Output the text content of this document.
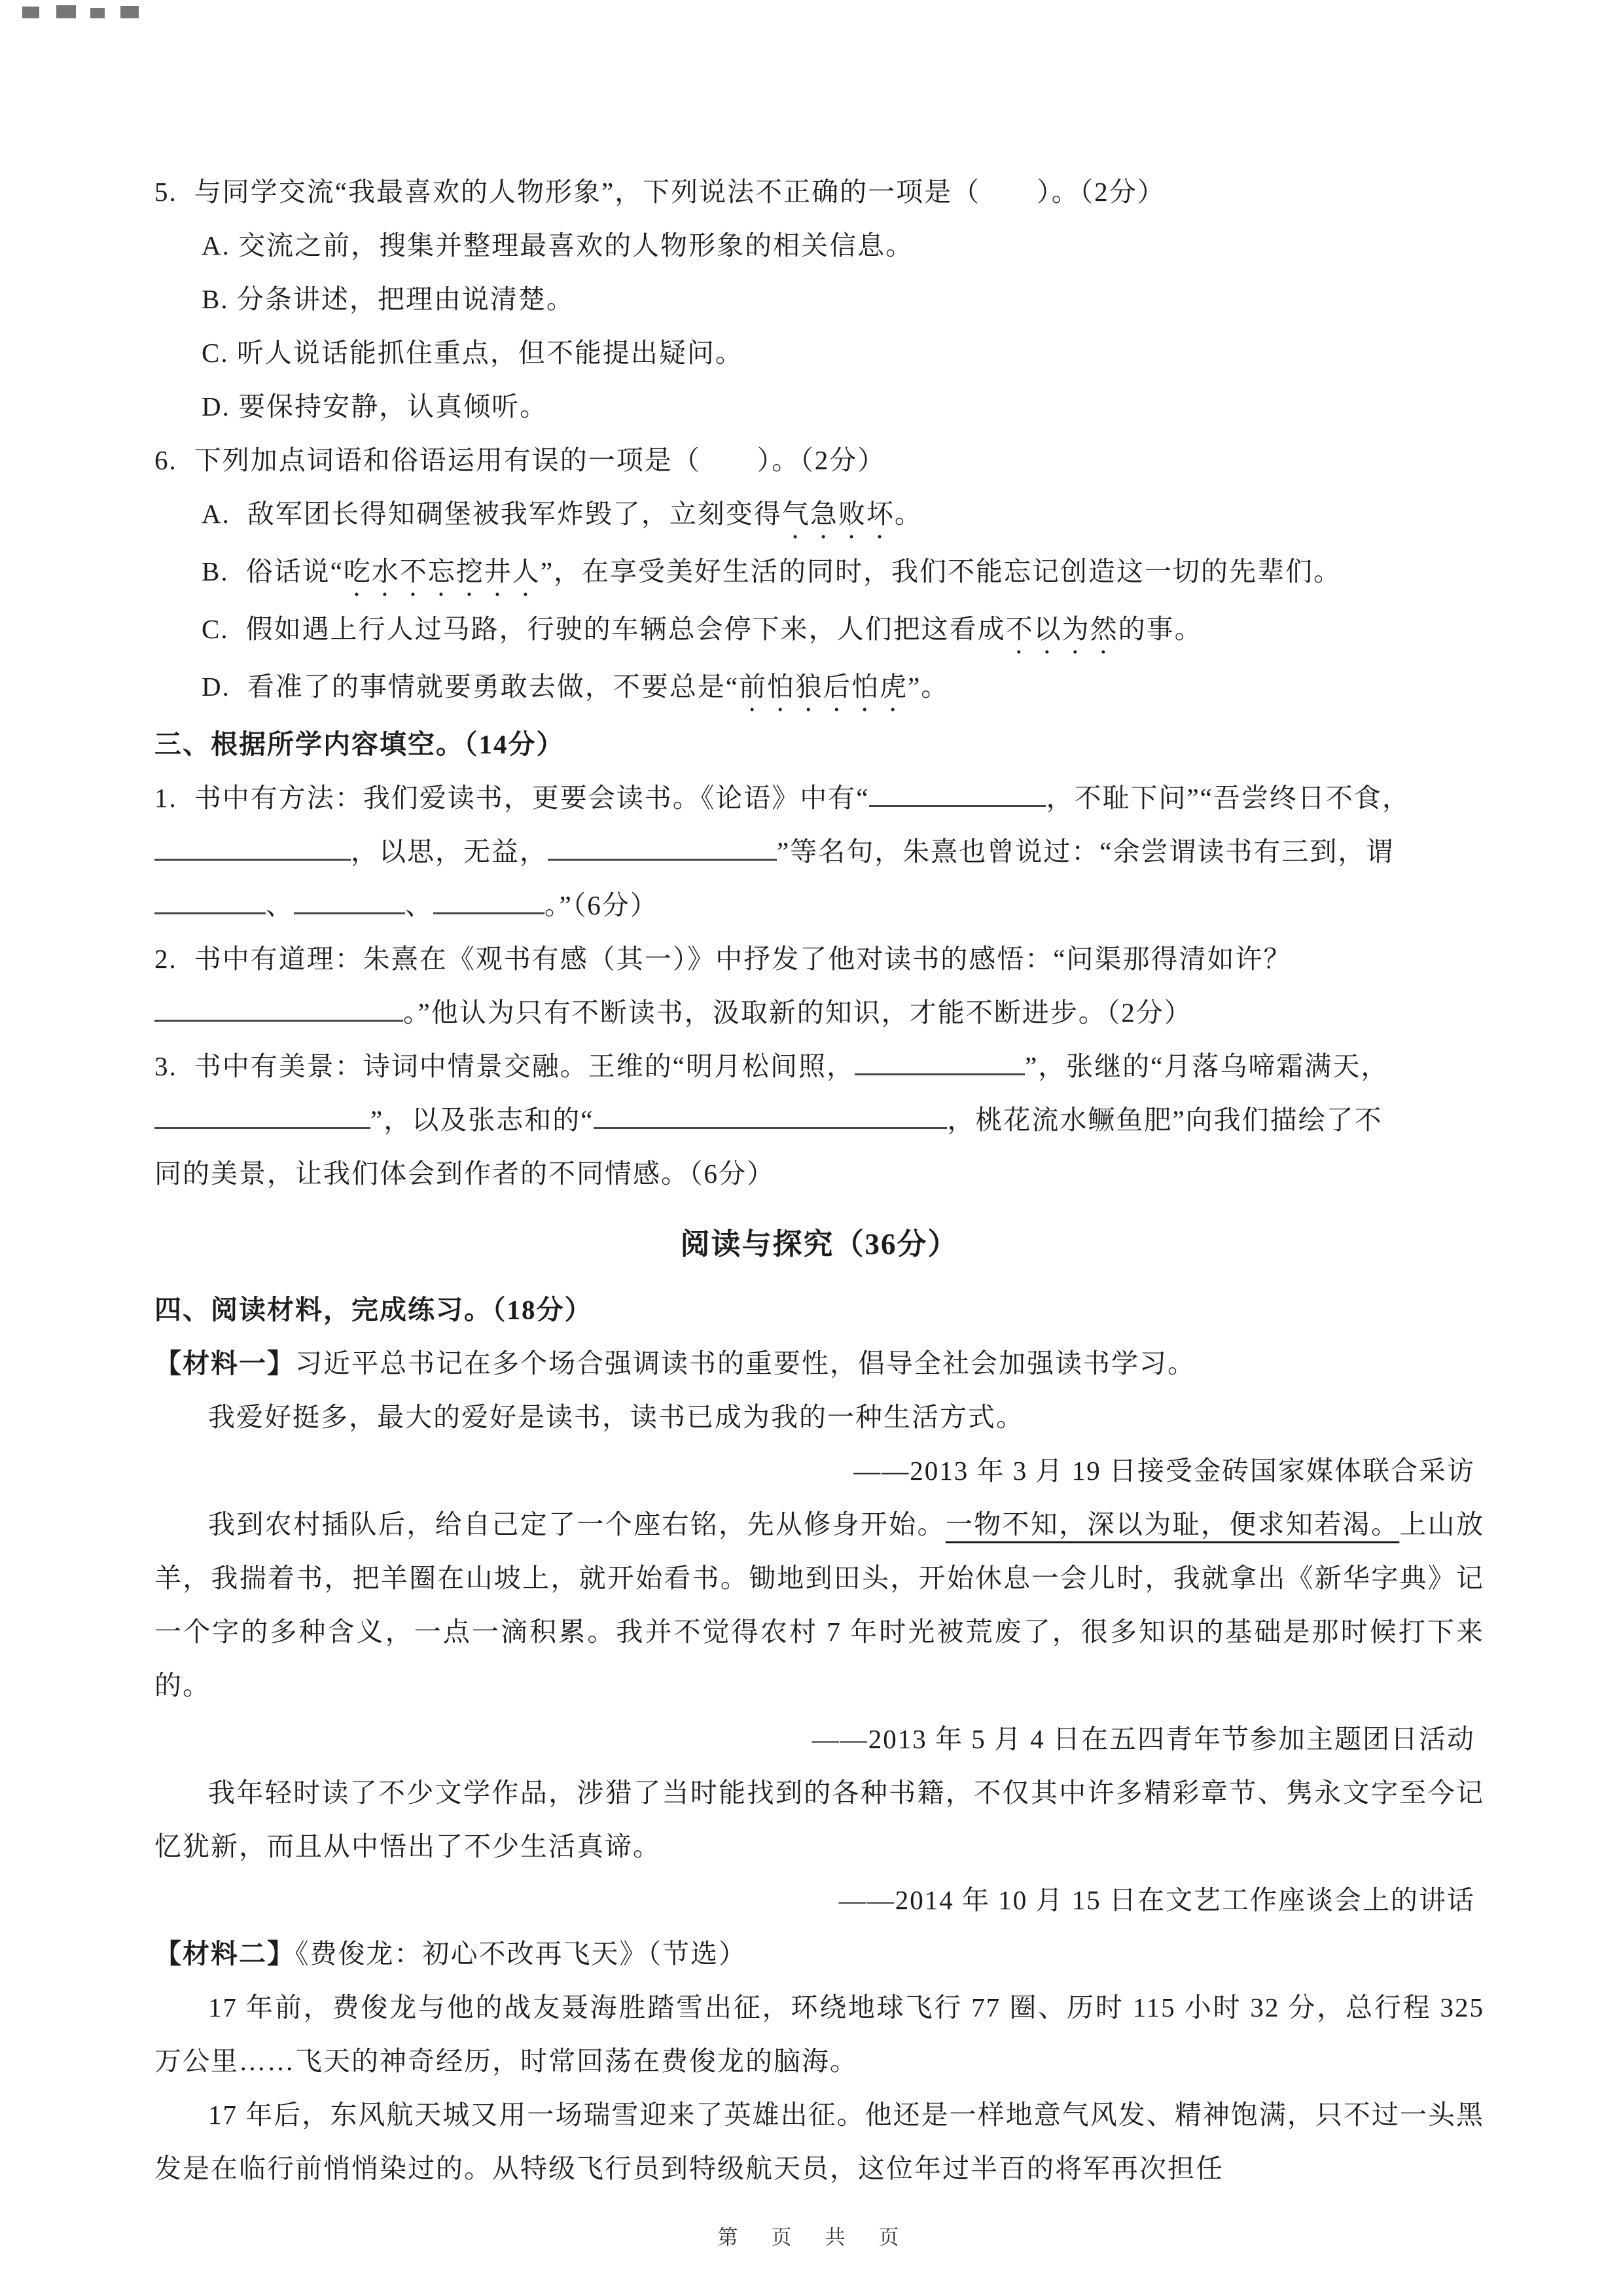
5. 与同学交流“我最喜欢的人物形象”，下列说法不正确的一项是（　　）。（2分）
A. 交流之前，搜集并整理最喜欢的人物形象的相关信息。
B. 分条讲述，把理由说清楚。
C. 听人说话能抓住重点，但不能提出疑问。
D. 要保持安静，认真倾听。
6. 下列加点词语和俗语运用有误的一项是（　　）。（2分）
A. 敌军团长得知碉堡被我军炸毁了，立刻变得气急败坏。
B. 俗话说“吃水不忘挖井人”，在享受美好生活的同时，我们不能忘记创造这一切的先辈们。
C. 假如遇上行人过马路，行驶的车辆总会停下来，人们把这看成不以为然的事。
D. 看准了的事情就要勇敢去做，不要总是“前怕狼后怕虎”。
三、根据所学内容填空。（14分）
1. 书中有方法：我们爱读书，更要会读书。《论语》中有“	，不耻下问”“吾尝终日不食，
，以思，无益，	”等名句，朱熹也曾说过：“余尝谓读书有三到，谓
、	、	。”（6分）
2. 书中有道理：朱熹在《观书有感（其一）》中抒发了他对读书的感悟：“问渠那得清如许？
。”他认为只有不断读书，汲取新的知识，才能不断进步。（2分）
3. 书中有美景：诗词中情景交融。王维的“明月松间照，	”，张继的“月落乌啼霜满天，
”，以及张志和的“	，桃花流水鳜鱼肥”向我们描绘了不
同的美景，让我们体会到作者的不同情感。（6分）
阅读与探究（36分）
四、阅读材料，完成练习。（18分）
【材料一】习近平总书记在多个场合强调读书的重要性，倡导全社会加强读书学习。
我爱好挺多，最大的爱好是读书，读书已成为我的一种生活方式。
——2013 年 3 月 19 日接受金砖国家媒体联合采访
我到农村插队后，给自己定了一个座右铭，先从修身开始。一物不知，深以为耻，便求知若渴。上山放羊，我揣着书，把羊圈在山坡上，就开始看书。锄地到田头，开始休息一会儿时，我就拿出《新华字典》记一个字的多种含义，一点一滴积累。我并不觉得农村 7 年时光被荒废了，很多知识的基础是那时候打下来的。
——2013 年 5 月 4 日在五四青年节参加主题团日活动
我年轻时读了不少文学作品，涉猎了当时能找到的各种书籍，不仅其中许多精彩章节、隽永文字至今记忆犹新，而且从中悟出了不少生活真谛。
——2014 年 10 月 15 日在文艺工作座谈会上的讲话
【材料二】《费俊龙：初心不改再飞天》（节选）
17 年前，费俊龙与他的战友聂海胜踏雪出征，环绕地球飞行 77 圈、历时 115 小时 32 分，总行程 325 万公里……飞天的神奇经历，时常回荡在费俊龙的脑海。
17 年后，东风航天城又用一场瑞雪迎来了英雄出征。他还是一样地意气风发、精神饱满，只不过一头黑发是在临行前悄悄染过的。从特级飞行员到特级航天员，这位年过半百的将军再次担任
第　页　共　页
